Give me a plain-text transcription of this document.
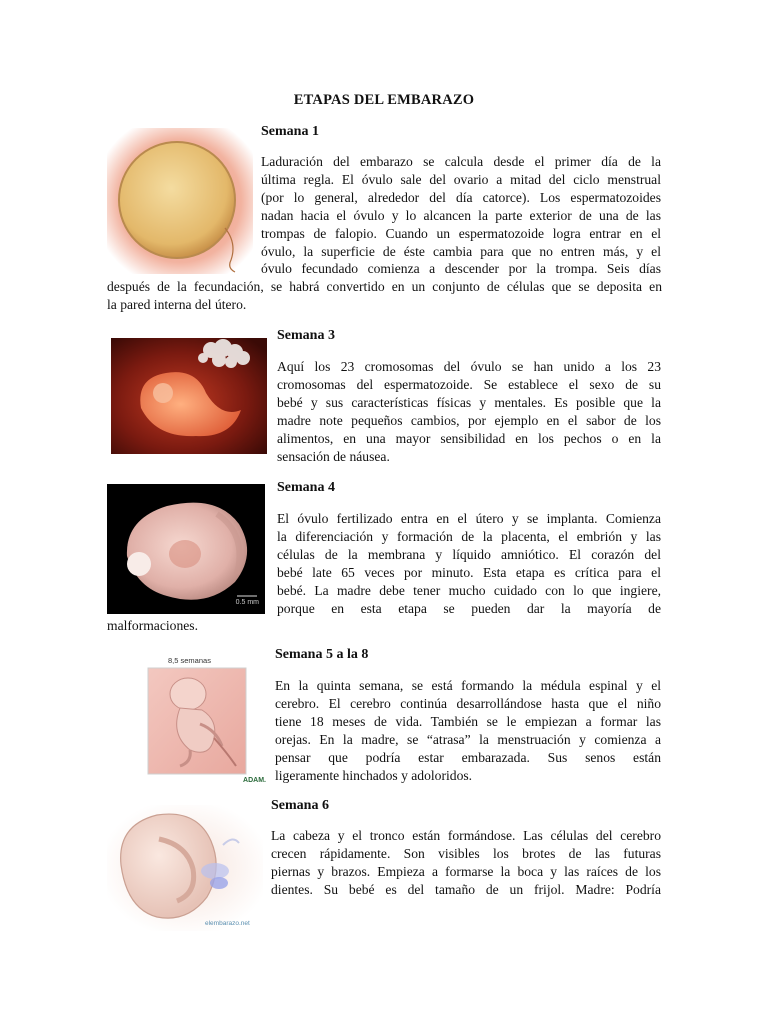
ETAPAS DEL EMBARAZO
Semana 1
Laduración del embarazo se calcula desde el primer día de la
última regla. El óvulo sale del ovario a mitad del ciclo menstrual
(por lo general, alrededor del día catorce). Los espermatozoides
nadan hacia el óvulo y lo alcancen la parte exterior de una de las
trompas de falopio. Cuando un espermatozoide logra entrar en el
óvulo, la superficie de éste cambia para que no entren más, y el
óvulo fecundado comienza a descender por la trompa. Seis días
después de la fecundación, se habrá convertido en un conjunto de células que se deposita en
la pared interna del útero.
Semana 3
Aquí los 23 cromosomas del óvulo se han unido a los 23
cromosomas del espermatozoide. Se establece el sexo de su
bebé y sus características físicas y mentales. Es posible que la
madre note pequeños cambios, por ejemplo en el sabor de los
alimentos, en una mayor sensibilidad en los pechos o en la
sensación de náusea.
Semana 4
0.5 mm
El óvulo fertilizado entra en el útero y se implanta. Comienza
la diferenciación y formación de la placenta, el embrión y las
células de la membrana y líquido amniótico. El corazón del
bebé late 65 veces por minuto. Esta etapa es crítica para el
bebé. La madre debe tener mucho cuidado con lo que ingiere,
porque en esta etapa se pueden dar la mayoría de
malformaciones.
Semana 5 a la 8
8,5 semanas
ADAM.
En la quinta semana, se está formando la médula espinal y el
cerebro. El cerebro continúa desarrollándose hasta que el niño
tiene 18 meses de vida. También se le empiezan a formar las
orejas. En la madre, se “atrasa” la menstruación y comienza a
pensar que podría estar embarazada. Sus senos están
ligeramente hinchados y adoloridos.
Semana 6
elembarazo.net
La cabeza y el tronco están formándose. Las células del cerebro
crecen rápidamente. Son visibles los brotes de las futuras
piernas y brazos. Empieza a formarse la boca y las raíces de los
dientes. Su bebé es del tamaño de un frijol. Madre: Podría
